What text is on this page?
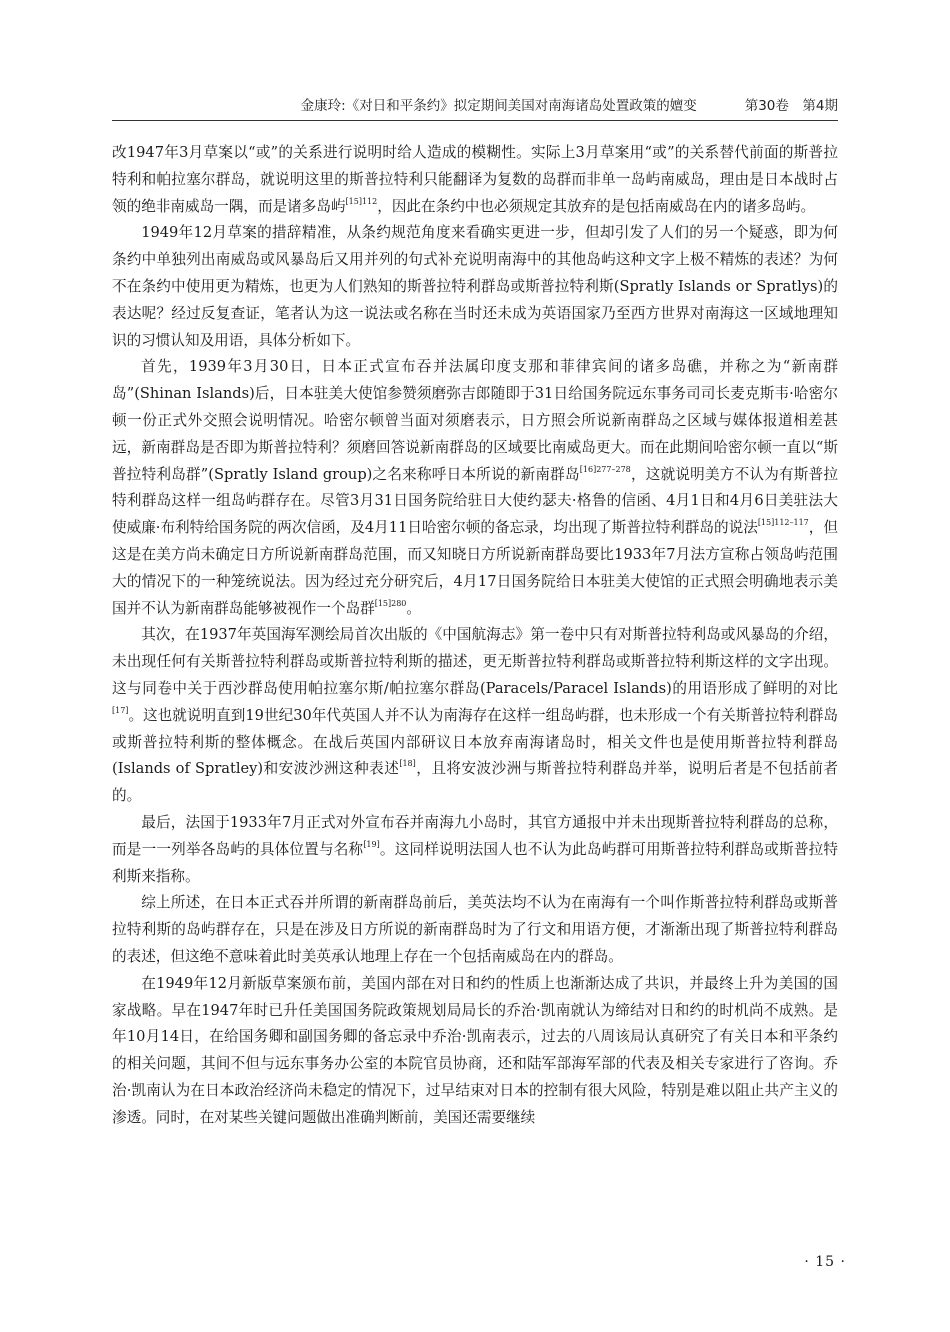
金康玲:《对日和平条约》拟定期间美国对南海诸岛处置政策的嬗变	第30卷　第4期

改1947年3月草案以“或”的关系进行说明时给人造成的模糊性。实际上3月草案用“或”的关系替代前面的斯普拉特利和帕拉塞尔群岛，就说明这里的斯普拉特利只能翻译为复数的岛群而非单一岛屿南威岛，理由是日本战时占领的绝非南威岛一隅，而是诸多岛屿$^{[15]112}$，因此在条约中也必须规定其放弃的是包括南威岛在内的诸多岛屿。

1949年12月草案的措辞精准，从条约规范角度来看确实更进一步，但却引发了人们的另一个疑惑，即为何条约中单独列出南威岛或风暴岛后又用并列的句式补充说明南海中的其他岛屿这种文字上极不精炼的表述？为何不在条约中使用更为精炼，也更为人们熟知的斯普拉特利群岛或斯普拉特利斯(Spratly Islands or Spratlys)的表达呢？经过反复查证，笔者认为这一说法或名称在当时还未成为英语国家乃至西方世界对南海这一区域地理知识的习惯认知及用语，具体分析如下。

首先，1939年3月30日，日本正式宣布吞并法属印度支那和菲律宾间的诸多岛礁，并称之为“新南群岛”(Shinan Islands)后，日本驻美大使馆参赞须磨弥吉郎随即于31日给国务院远东事务司司长麦克斯韦·哈密尔顿一份正式外交照会说明情况。哈密尔顿曾当面对须磨表示，日方照会所说新南群岛之区域与媒体报道相差甚远，新南群岛是否即为斯普拉特利？须磨回答说新南群岛的区域要比南威岛更大。而在此期间哈密尔顿一直以“斯普拉特利岛群”(Spratly Island group)之名来称呼日本所说的新南群岛$^{[16]277-278}$，这就说明美方不认为有斯普拉特利群岛这样一组岛屿群存在。尽管3月31日国务院给驻日大使约瑟夫·格鲁的信函、4月1日和4月6日美驻法大使威廉·布利特给国务院的两次信函，及4月11日哈密尔顿的备忘录，均出现了斯普拉特利群岛的说法$^{[15]112-117}$，但这是在美方尚未确定日方所说新南群岛范围，而又知晓日方所说新南群岛要比1933年7月法方宣称占领岛屿范围大的情况下的一种笼统说法。因为经过充分研究后，4月17日国务院给日本驻美大使馆的正式照会明确地表示美国并不认为新南群岛能够被视作一个岛群$^{[15]280}$。

其次，在1937年英国海军测绘局首次出版的《中国航海志》第一卷中只有对斯普拉特利岛或风暴岛的介绍，未出现任何有关斯普拉特利群岛或斯普拉特利斯的描述，更无斯普拉特利群岛或斯普拉特利斯这样的文字出现。这与同卷中关于西沙群岛使用帕拉塞尔斯/帕拉塞尔群岛(Paracels/Paracel Islands)的用语形成了鲜明的对比[17]。这也就说明直到19世纪30年代英国人并不认为南海存在这样一组岛屿群，也未形成一个有关斯普拉特利群岛或斯普拉特利斯的整体概念。在战后英国内部研议日本放弃南海诸岛时，相关文件也是使用斯普拉特利群岛(Islands of Spratley)和安波沙洲这种表述[18]，且将安波沙洲与斯普拉特利群岛并举，说明后者是不包括前者的。

最后，法国于1933年7月正式对外宣布吞并南海九小岛时，其官方通报中并未出现斯普拉特利群岛的总称，而是一一列举各岛屿的具体位置与名称[19]。这同样说明法国人也不认为此岛屿群可用斯普拉特利群岛或斯普拉特利斯来指称。

综上所述，在日本正式吞并所谓的新南群岛前后，美英法均不认为在南海有一个叫作斯普拉特利群岛或斯普拉特利斯的岛屿群存在，只是在涉及日方所说的新南群岛时为了行文和用语方便，才渐渐出现了斯普拉特利群岛的表述，但这绝不意味着此时美英承认地理上存在一个包括南威岛在内的群岛。

在1949年12月新版草案颁布前，美国内部在对日和约的性质上也渐渐达成了共识，并最终上升为美国的国家战略。早在1947年时已升任美国国务院政策规划局局长的乔治·凯南就认为缔结对日和约的时机尚不成熟。是年10月14日，在给国务卿和副国务卿的备忘录中乔治·凯南表示，过去的八周该局认真研究了有关日本和平条约的相关问题，其间不但与远东事务办公室的本院官员协商，还和陆军部海军部的代表及相关专家进行了咨询。乔治·凯南认为在日本政治经济尚未稳定的情况下，过早结束对日本的控制有很大风险，特别是难以阻止共产主义的渗透。同时，在对某些关键问题做出准确判断前，美国还需要继续

· 15 ·
